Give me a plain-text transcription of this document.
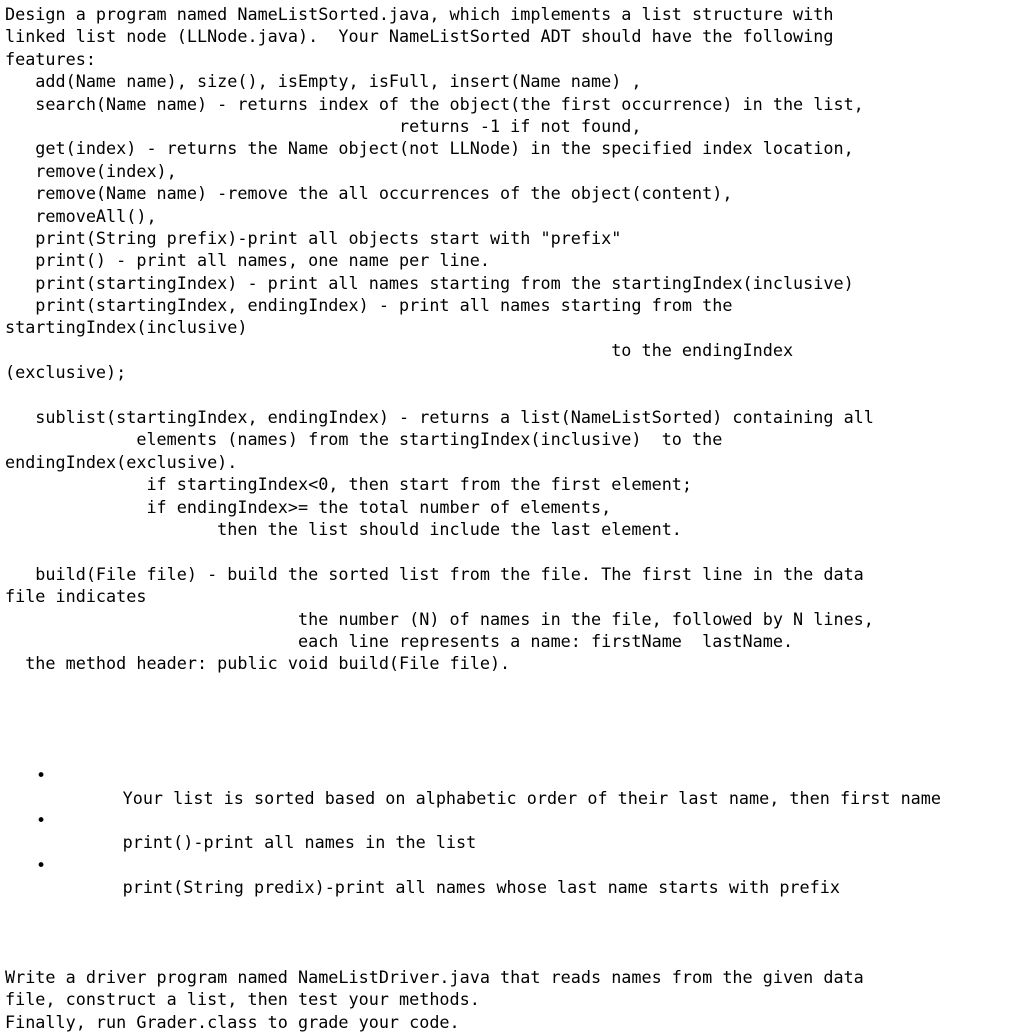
Design a program named NameListSorted.java, which implements a list structure with
linked list node (LLNode.java).  Your NameListSorted ADT should have the following
features:
add(Name name), size(), isEmpty, isFull, insert(Name name) ,
search(Name name) - returns index of the object(the first occurrence) in the list,
returns -1 if not found,
get(index) - returns the Name object(not LLNode) in the specified index location,
remove(index),
remove(Name name) -remove the all occurrences of the object(content),
removeAll(),
print(String prefix)-print all objects start with "prefix"
print() - print all names, one name per line.
print(startingIndex) - print all names starting from the startingIndex(inclusive)
print(startingIndex, endingIndex) - print all names starting from the
startingIndex(inclusive)
to the endingIndex
(exclusive);
sublist(startingIndex, endingIndex) - returns a list(NameListSorted) containing all
elements (names) from the startingIndex(inclusive)  to the
endingIndex(exclusive).
if startingIndex<0, then start from the first element;
if endingIndex>= the total number of elements,
then the list should include the last element.
build(File file) - build the sorted list from the file. The first line in the data
file indicates
the number (N) of names in the file, followed by N lines,
each line represents a name: firstName  lastName.
the method header: public void build(File file).

•
Your list is sorted based on alphabetic order of their last name, then first name

•
print()-print all names in the list

•
print(String predix)-print all names whose last name starts with prefix

Write a driver program named NameListDriver.java that reads names from the given data
file, construct a list, then test your methods.
Finally, run Grader.class to grade your code.
